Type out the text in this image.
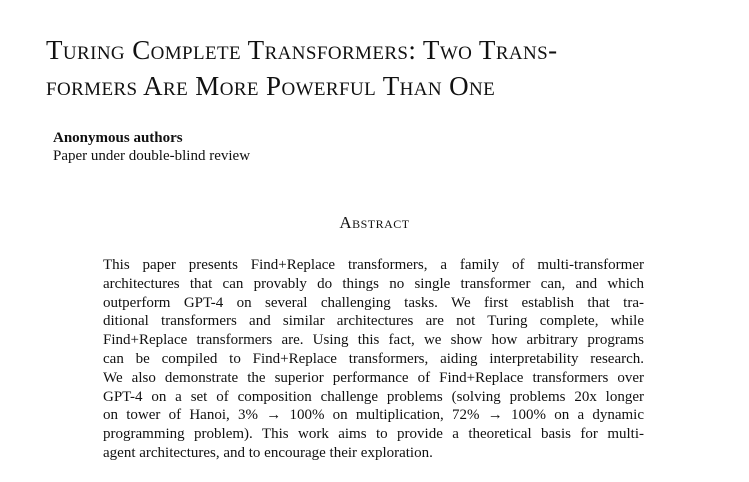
Turing Complete Transformers: Two Trans-
formers Are More Powerful Than One
Anonymous authors
Paper under double-blind review
Abstract
This paper presents Find+Replace transformers, a family of multi-transformer
architectures that can provably do things no single transformer can, and which
outperform GPT-4 on several challenging tasks. We first establish that tra-
ditional transformers and similar architectures are not Turing complete, while
Find+Replace transformers are. Using this fact, we show how arbitrary programs
can be compiled to Find+Replace transformers, aiding interpretability research.
We also demonstrate the superior performance of Find+Replace transformers over
GPT-4 on a set of composition challenge problems (solving problems 20x longer
on tower of Hanoi, 3% → 100% on multiplication, 72% → 100% on a dynamic
programming problem). This work aims to provide a theoretical basis for multi-
agent architectures, and to encourage their exploration.
